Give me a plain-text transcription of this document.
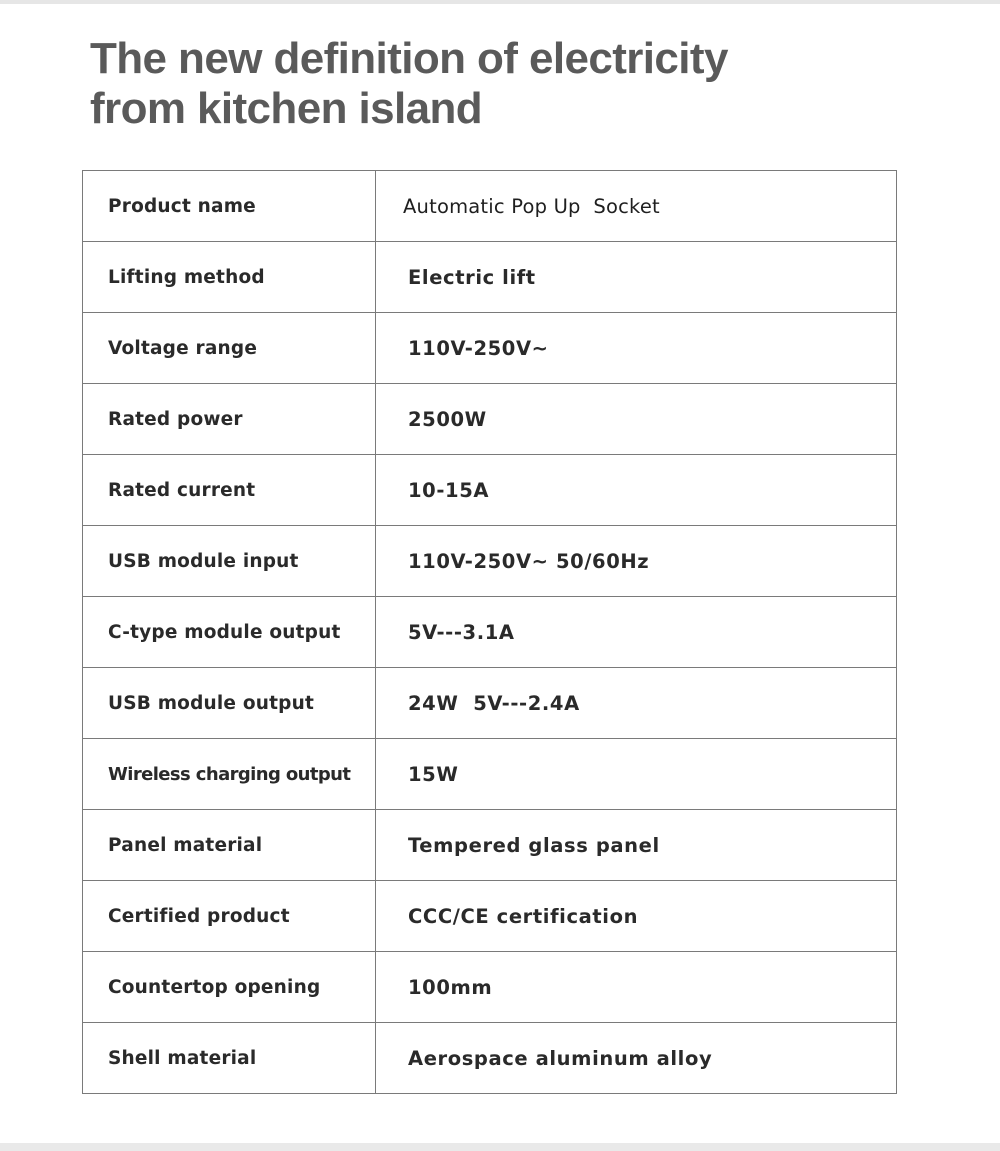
The new definition of electricity
from kitchen island
Product name	Automatic Pop Up  Socket
Lifting method	Electric lift
Voltage range	110V-250V~
Rated power	2500W
Rated current	10-15A
USB module input	110V-250V~ 50/60Hz
C-type module output	5V---3.1A
USB module output	24W  5V---2.4A
Wireless charging output	15W
Panel material	Tempered glass panel
Certified product	CCC/CE certification
Countertop opening	100mm
Shell material	Aerospace aluminum alloy
